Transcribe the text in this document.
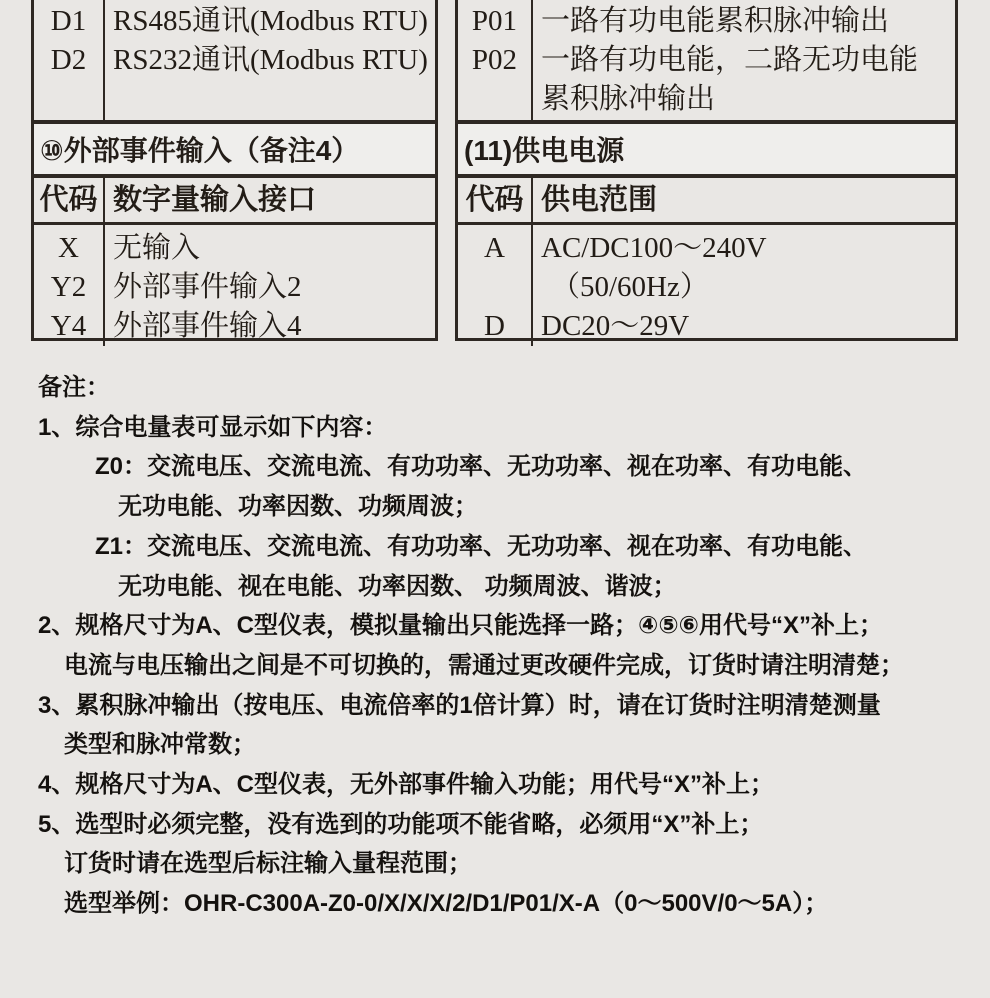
D1
D2
RS485通讯(Modbus RTU)
RS232通讯(Modbus RTU)
⑩外部事件输入（备注4）
代码 数字量输入接口
X
Y2
Y4
无输入
外部事件输入2
外部事件输入4
P01
P02
一路有功电能累积脉冲输出
一路有功电能，二路无功电能
累积脉冲输出
(11)供电电源
代码 供电范围
A
D
AC/DC100～240V
（50/60Hz）
DC20～29V
备注：
1、综合电量表可显示如下内容：
Z0：交流电压、交流电流、有功功率、无功功率、视在功率、有功电能、
无功电能、功率因数、功频周波；
Z1：交流电压、交流电流、有功功率、无功功率、视在功率、有功电能、
无功电能、视在电能、功率因数、 功频周波、谐波；
2、规格尺寸为A、C型仪表，模拟量输出只能选择一路；④⑤⑥用代号“X”补上；
电流与电压输出之间是不可切换的，需通过更改硬件完成，订货时请注明清楚；
3、累积脉冲输出（按电压、电流倍率的1倍计算）时，请在订货时注明清楚测量
类型和脉冲常数；
4、规格尺寸为A、C型仪表，无外部事件输入功能；用代号“X”补上；
5、选型时必须完整，没有选到的功能项不能省略，必须用“X”补上；
订货时请在选型后标注输入量程范围；
选型举例：OHR-C300A-Z0-0/X/X/X/2/D1/P01/X-A（0～500V/0～5A）；
